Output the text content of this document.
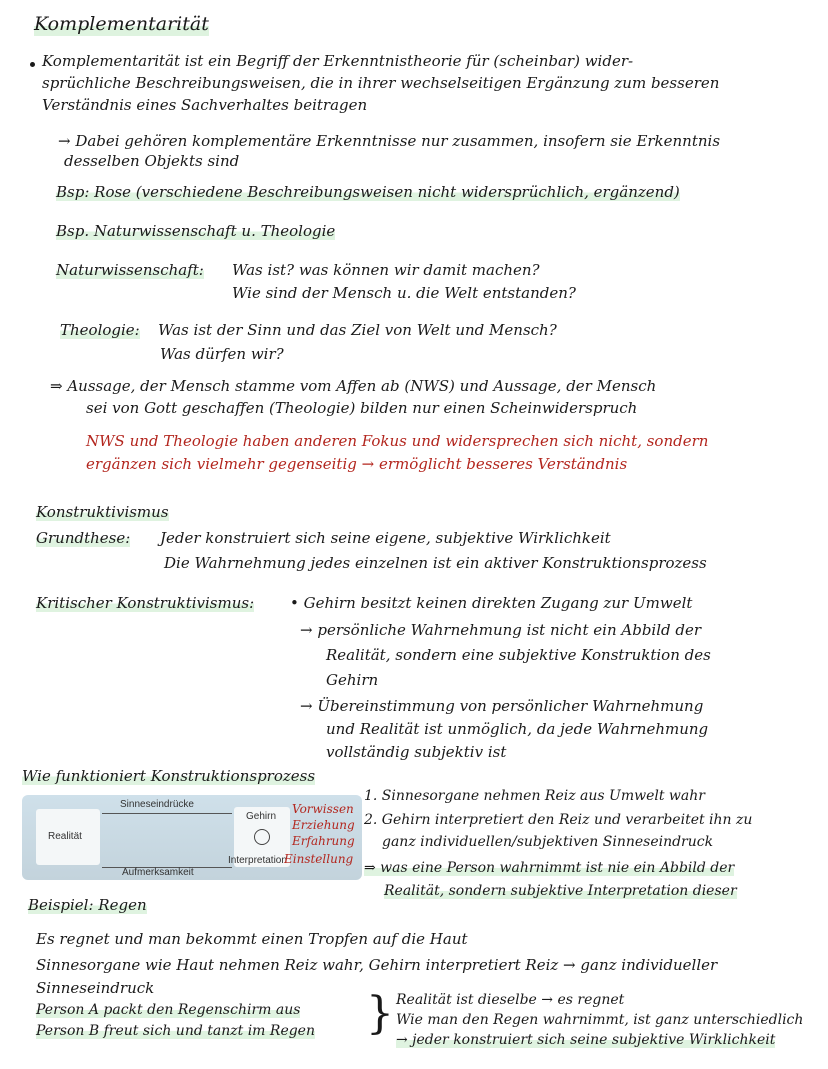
Komplementarität
Komplementarität ist ein Begriff der Erkenntnistheorie für (scheinbar) wider-
sprüchliche Beschreibungsweisen, die in ihrer wechselseitigen Ergänzung zum besseren
Verständnis eines Sachverhaltes beitragen
→ Dabei gehören komplementäre Erkenntnisse nur zusammen, insofern sie Erkenntnis
desselben Objekts sind
Bsp: Rose (verschiedene Beschreibungsweisen nicht widersprüchlich, ergänzend)
Bsp. Naturwissenschaft u. Theologie
Naturwissenschaft: Was ist? was können wir damit machen?
Wie sind der Mensch u. die Welt entstanden?
Theologie: Was ist der Sinn und das Ziel von Welt und Mensch?
Was dürfen wir?
⇒ Aussage, der Mensch stamme vom Affen ab (NWS) und Aussage, der Mensch
sei von Gott geschaffen (Theologie) bilden nur einen Scheinwiderspruch
NWS und Theologie haben anderen Fokus und widersprechen sich nicht, sondern
ergänzen sich vielmehr gegenseitig → ermöglicht besseres Verständnis
Konstruktivismus
Grundthese: Jeder konstruiert sich seine eigene, subjektive Wirklichkeit
Die Wahrnehmung jedes einzelnen ist ein aktiver Konstruktionsprozess
Kritischer Konstruktivismus: • Gehirn besitzt keinen direkten Zugang zur Umwelt
→ persönliche Wahrnehmung ist nicht ein Abbild der
Realität, sondern eine subjektive Konstruktion des
Gehirn
→ Übereinstimmung von persönlicher Wahrnehmung
und Realität ist unmöglich, da jede Wahrnehmung
vollständig subjektiv ist
Wie funktioniert Konstruktionsprozess
Realität
Sinneseindrücke
Gehirn
Interpretation
Aufmerksamkeit
Vorwissen
Erziehung
Erfahrung
Einstellung
1. Sinnesorgane nehmen Reiz aus Umwelt wahr
2. Gehirn interpretiert den Reiz und verarbeitet ihn zu
ganz individuellen/subjektiven Sinneseindruck
⇒ was eine Person wahrnimmt ist nie ein Abbild der
Realität, sondern subjektive Interpretation dieser
Beispiel: Regen
Es regnet und man bekommt einen Tropfen auf die Haut
Sinnesorgane wie Haut nehmen Reiz wahr, Gehirn interpretiert Reiz → ganz individueller
Sinneseindruck
Person A packt den Regenschirm aus
Person B freut sich und tanzt im Regen } Realität ist dieselbe → es regnet
Wie man den Regen wahrnimmt, ist ganz unterschiedlich
→ jeder konstruiert sich seine subjektive Wirklichkeit
